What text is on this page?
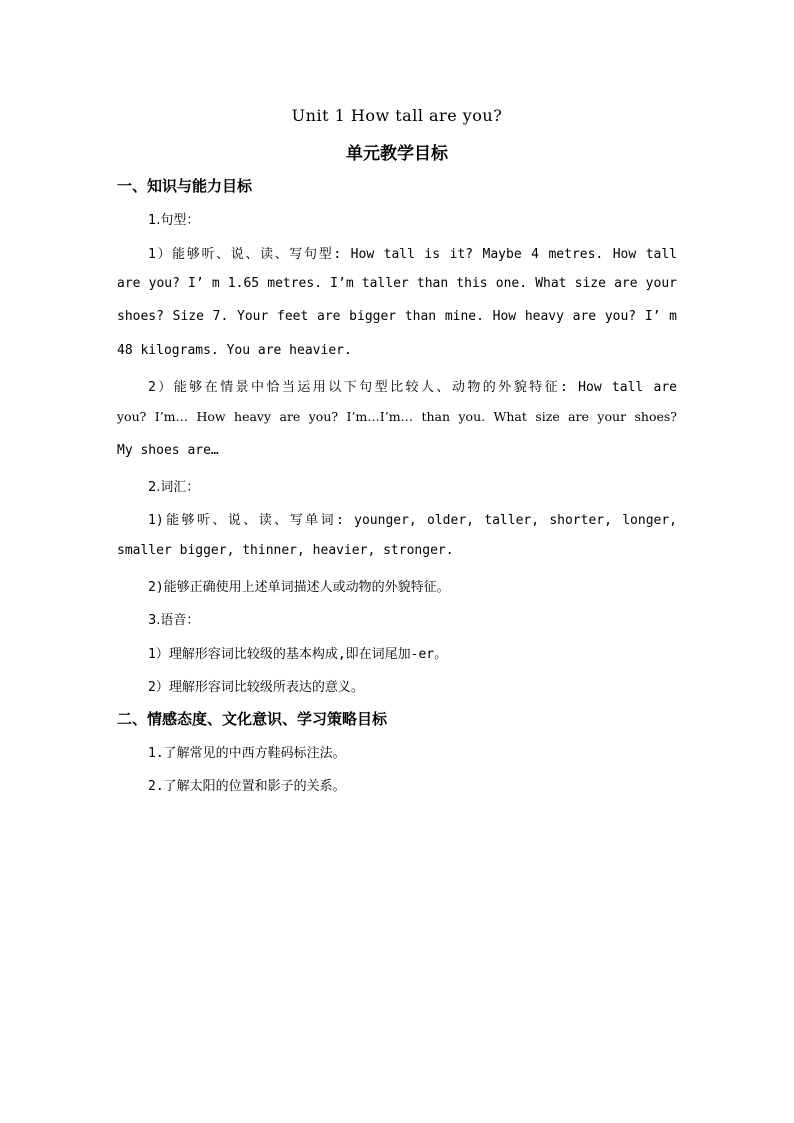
Unit 1 How tall are you?
单元教学目标
一、知识与能力目标
1.句型：
1）能够听、说、读、写句型: How tall is it? Maybe 4 metres. How tall
are you? I’ m 1.65 metres. I’m taller than this one. What size are your
shoes? Size 7. Your feet are bigger than mine. How heavy are you? I’ m
48 kilograms. You are heavier.
2）能够在情景中恰当运用以下句型比较人、动物的外貌特征: How tall are
you? I’m… How heavy are you? I’m…I’m… than you. What size are your shoes?
My shoes are…
2.词汇：
1)能够听、说、读、写单词: younger, older, taller, shorter, longer,
smaller bigger, thinner, heavier, stronger.
2)能够正确使用上述单词描述人或动物的外貌特征。
3.语音：
1）理解形容词比较级的基本构成,即在词尾加-er。
2）理解形容词比较级所表达的意义。
二、情感态度、文化意识、学习策略目标
1.了解常见的中西方鞋码标注法。
2.了解太阳的位置和影子的关系。
